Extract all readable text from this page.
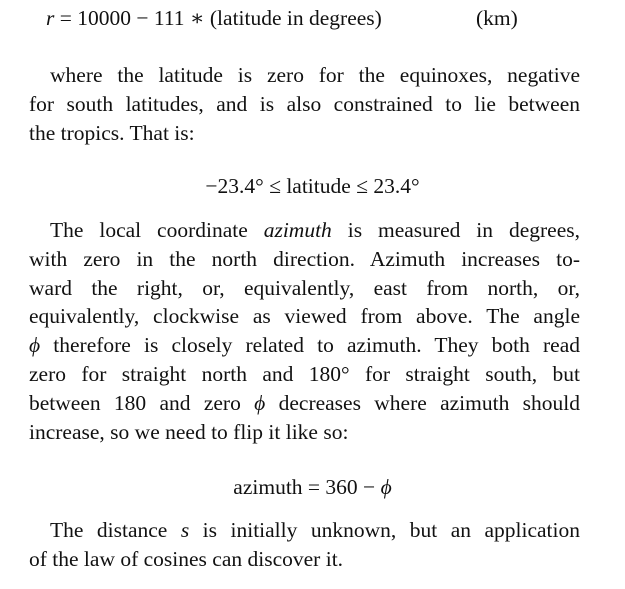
r = 10000 − 111 ∗ (latitude in degrees)	(km)
where the latitude is zero for the equinoxes, negative
for south latitudes, and is also constrained to lie between
the tropics. That is:
−23.4° ≤ latitude ≤ 23.4°
The local coordinate azimuth is measured in degrees,
with zero in the north direction. Azimuth increases to-
ward the right, or, equivalently, east from north, or,
equivalently, clockwise as viewed from above. The angle
ϕ therefore is closely related to azimuth. They both read
zero for straight north and 180° for straight south, but
between 180 and zero ϕ decreases where azimuth should
increase, so we need to flip it like so:
azimuth = 360 − ϕ
The distance s is initially unknown, but an application
of the law of cosines can discover it.
